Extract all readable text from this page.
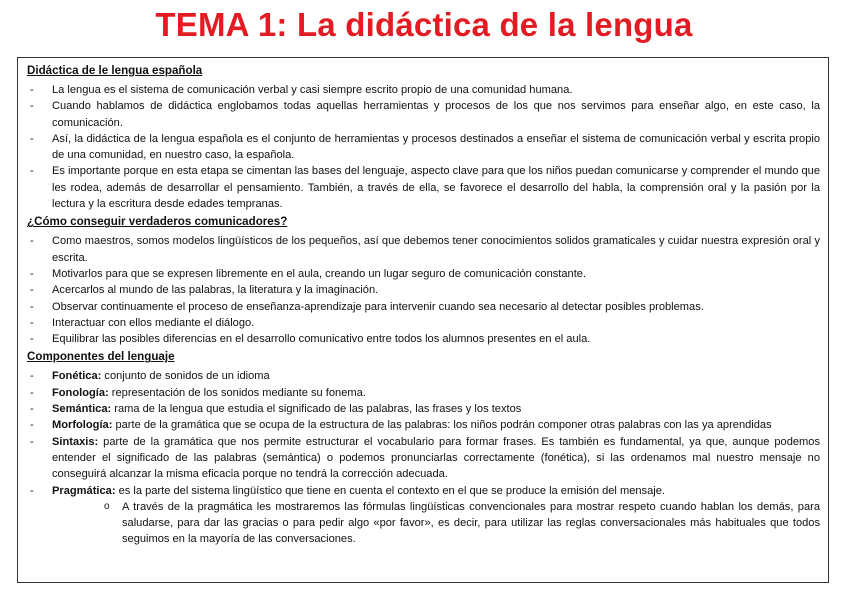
TEMA 1: La didáctica de la lengua
Didáctica de le lengua española
- La lengua es el sistema de comunicación verbal y casi siempre escrito propio de una comunidad humana.
- Cuando hablamos de didáctica englobamos todas aquellas herramientas y procesos de los que nos servimos para enseñar algo, en este caso, la comunicación.
- Así, la didáctica de la lengua española es el conjunto de herramientas y procesos destinados a enseñar el sistema de comunicación verbal y escrita propio de una comunidad, en nuestro caso, la española.
- Es importante porque en esta etapa se cimentan las bases del lenguaje, aspecto clave para que los niños puedan comunicarse y comprender el mundo que les rodea, además de desarrollar el pensamiento. También, a través de ella, se favorece el desarrollo del habla, la comprensión oral y la pasión por la lectura y la escritura desde edades tempranas.
¿Cómo conseguir verdaderos comunicadores?
- Como maestros, somos modelos lingüísticos de los pequeños, así que debemos tener conocimientos solidos gramaticales y cuidar nuestra expresión oral y escrita.
- Motivarlos para que se expresen libremente en el aula, creando un lugar seguro de comunicación constante.
- Acercarlos al mundo de las palabras, la literatura y la imaginación.
- Observar continuamente el proceso de enseñanza-aprendizaje para intervenir cuando sea necesario al detectar posibles problemas.
- Interactuar con ellos mediante el diálogo.
- Equilibrar las posibles diferencias en el desarrollo comunicativo entre todos los alumnos presentes en el aula.
Componentes del lenguaje
- Fonética: conjunto de sonidos de un idioma
- Fonología: representación de los sonidos mediante su fonema.
- Semántica: rama de la lengua que estudia el significado de las palabras, las frases y los textos
- Morfología: parte de la gramática que se ocupa de la estructura de las palabras: los niños podrán componer otras palabras con las ya aprendidas
- Sintaxis: parte de la gramática que nos permite estructurar el vocabulario para formar frases. Es también es fundamental, ya que, aunque podemos entender el significado de las palabras (semántica) o podemos pronunciarlas correctamente (fonética), si las ordenamos mal nuestro mensaje no conseguirá alcanzar la misma eficacia porque no tendrá la corrección adecuada.
- Pragmática: es la parte del sistema lingüístico que tiene en cuenta el contexto en el que se produce la emisión del mensaje.
o A través de la pragmática les mostraremos las fórmulas lingüísticas convencionales para mostrar respeto cuando hablan los demás, para saludarse, para dar las gracias o para pedir algo «por favor», es decir, para utilizar las reglas conversacionales más habituales que todos seguimos en la mayoría de las conversaciones.
